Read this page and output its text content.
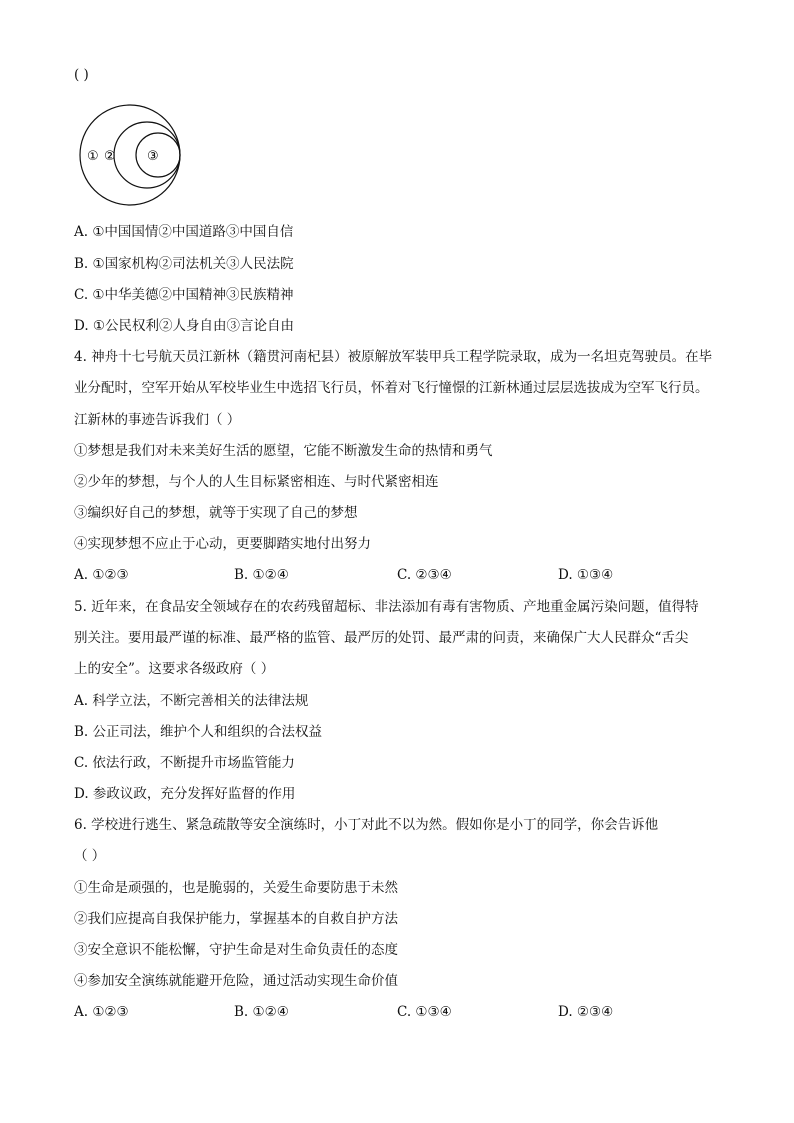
( )
① ② ③
A. ①中国国情②中国道路③中国自信
B. ①国家机构②司法机关③人民法院
C. ①中华美德②中国精神③民族精神
D. ①公民权利②人身自由③言论自由
4. 神舟十七号航天员江新林（籍贯河南杞县）被原解放军装甲兵工程学院录取，成为一名坦克驾驶员。在毕
业分配时，空军开始从军校毕业生中选招飞行员，怀着对飞行憧憬的江新林通过层层选拔成为空军飞行员。
江新林的事迹告诉我们（ ）
①梦想是我们对未来美好生活的愿望，它能不断激发生命的热情和勇气
②少年的梦想，与个人的人生目标紧密相连、与时代紧密相连
③编织好自己的梦想，就等于实现了自己的梦想
④实现梦想不应止于心动，更要脚踏实地付出努力
A. ①②③	B. ①②④	C. ②③④	D. ①③④
5. 近年来，在食品安全领域存在的农药残留超标、非法添加有毒有害物质、产地重金属污染问题，值得特
别关注。要用最严谨的标准、最严格的监管、最严厉的处罚、最严肃的问责，来确保广大人民群众“舌尖
上的安全”。这要求各级政府（ ）
A. 科学立法，不断完善相关的法律法规
B. 公正司法，维护个人和组织的合法权益
C. 依法行政，不断提升市场监管能力
D. 参政议政，充分发挥好监督的作用
6. 学校进行逃生、紧急疏散等安全演练时，小丁对此不以为然。假如你是小丁的同学，你会告诉他
（ ）
①生命是顽强的，也是脆弱的，关爱生命要防患于未然
②我们应提高自我保护能力，掌握基本的自救自护方法
③安全意识不能松懈，守护生命是对生命负责任的态度
④参加安全演练就能避开危险，通过活动实现生命价值
A. ①②③	B. ①②④	C. ①③④	D. ②③④
